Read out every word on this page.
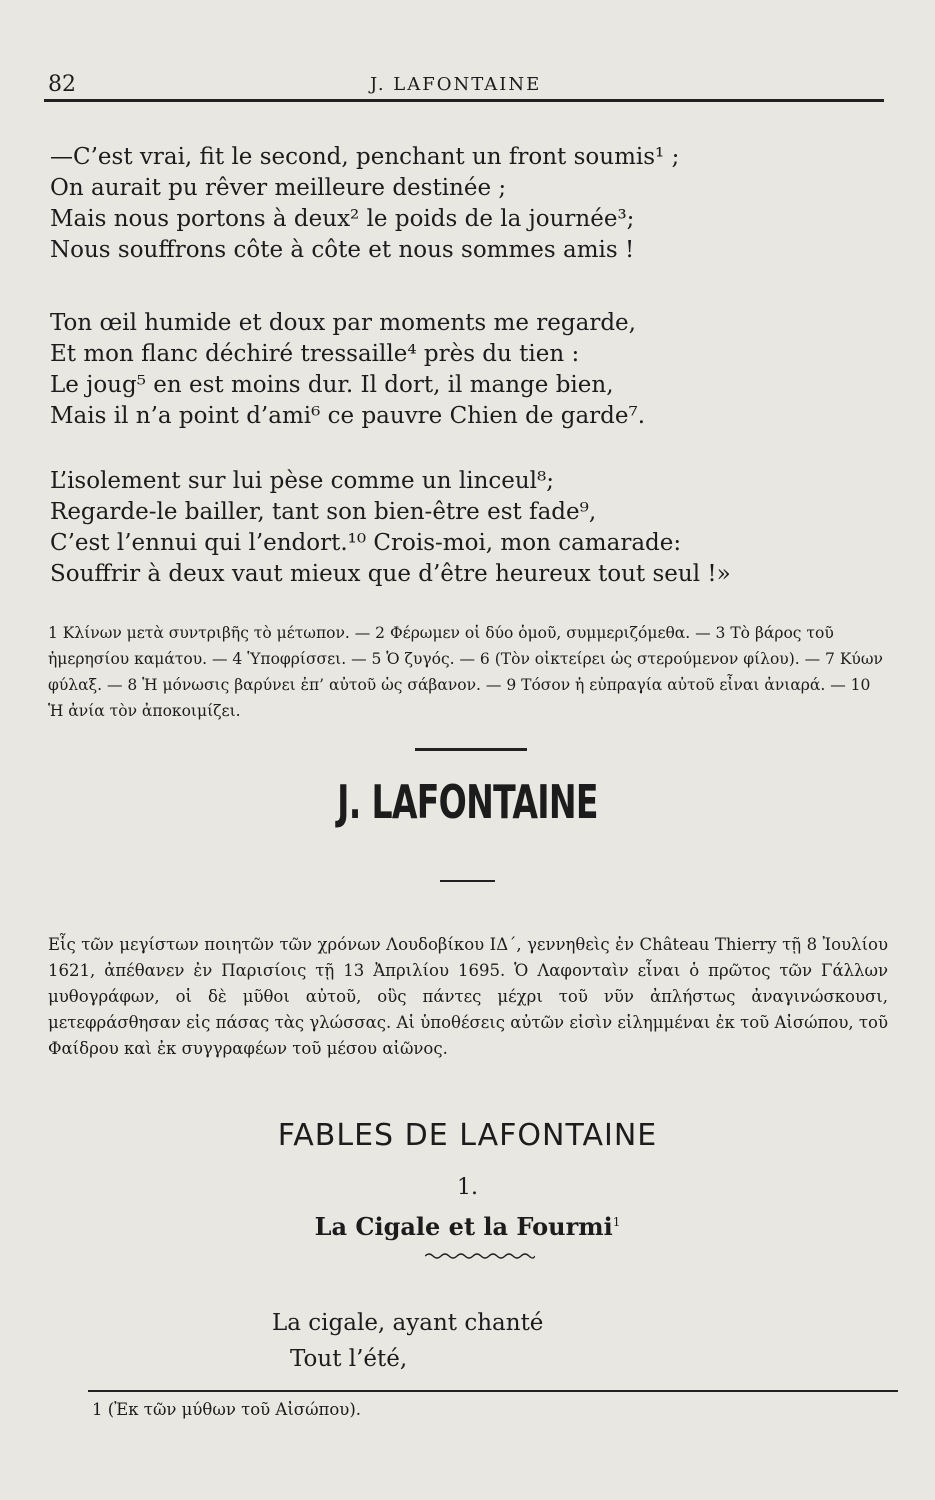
82	J. LAFONTAINE
—C’est vrai, fit le second, penchant un front soumis¹ ;
On aurait pu rêver meilleure destinée ;
Mais nous portons à deux² le poids de la journée³;
Nous souffrons côte à côte et nous sommes amis !
Ton œil humide et doux par moments me regarde,
Et mon flanc déchiré tressaille⁴ près du tien :
Le joug⁵ en est moins dur. Il dort, il mange bien,
Mais il n’a point d’ami⁶ ce pauvre Chien de garde⁷.
L’isolement sur lui pèse comme un linceul⁸;
Regarde-le bailler, tant son bien-être est fade⁹,
C’est l’ennui qui l’endort.¹⁰ Crois-moi, mon camarade:
Souffrir à deux vaut mieux que d’être heureux tout seul !»
1 Κλίνων μετὰ συντριβῆς τὸ μέτωπον. — 2 Φέρωμεν οἱ δύο ὁμοῦ, συμμεριζόμεθα. — 3 Τὸ βάρος τοῦ ἡμερησίου καμάτου. — 4 Ὑποφρίσσει. — 5 Ὁ ζυγός. — 6 (Τὸν οἰκτείρει ὡς στερούμενον φίλου). — 7 Κύων φύλαξ. — 8 Ἡ μόνωσις βαρύνει ἐπ’ αὐτοῦ ὡς σάβανον. — 9 Τόσον ἡ εὐπραγία αὐτοῦ εἶναι ἀνιαρά. — 10 Ἡ ἀνία τὸν ἀποκοιμίζει.
J. LAFONTAINE
Εἷς τῶν μεγίστων ποιητῶν τῶν χρόνων Λουδοβίκου ΙΔ΄, γεννηθεὶς ἐν Château Thierry τῇ 8 Ἰουλίου 1621, ἀπέθανεν ἐν Παρισίοις τῇ 13 Ἀπριλίου 1695. Ὁ Λαφονταὶν εἶναι ὁ πρῶτος τῶν Γάλλων μυθογράφων, οἱ δὲ μῦθοι αὐτοῦ, οὓς πάντες μέχρι τοῦ νῦν ἀπλήστως ἀναγινώσκουσι, μετεφράσθησαν εἰς πάσας τὰς γλώσσας. Αἱ ὑποθέσεις αὐτῶν εἰσὶν εἰλημμέναι ἐκ τοῦ Αἰσώπου, τοῦ Φαίδρου καὶ ἐκ συγγραφέων τοῦ μέσου αἰῶνος.
FABLES DE LAFONTAINE
1.
La Cigale et la Fourmi$^1$
La cigale, ayant chanté
Tout l’été,
1 (Ἐκ τῶν μύθων τοῦ Αἰσώπου).
